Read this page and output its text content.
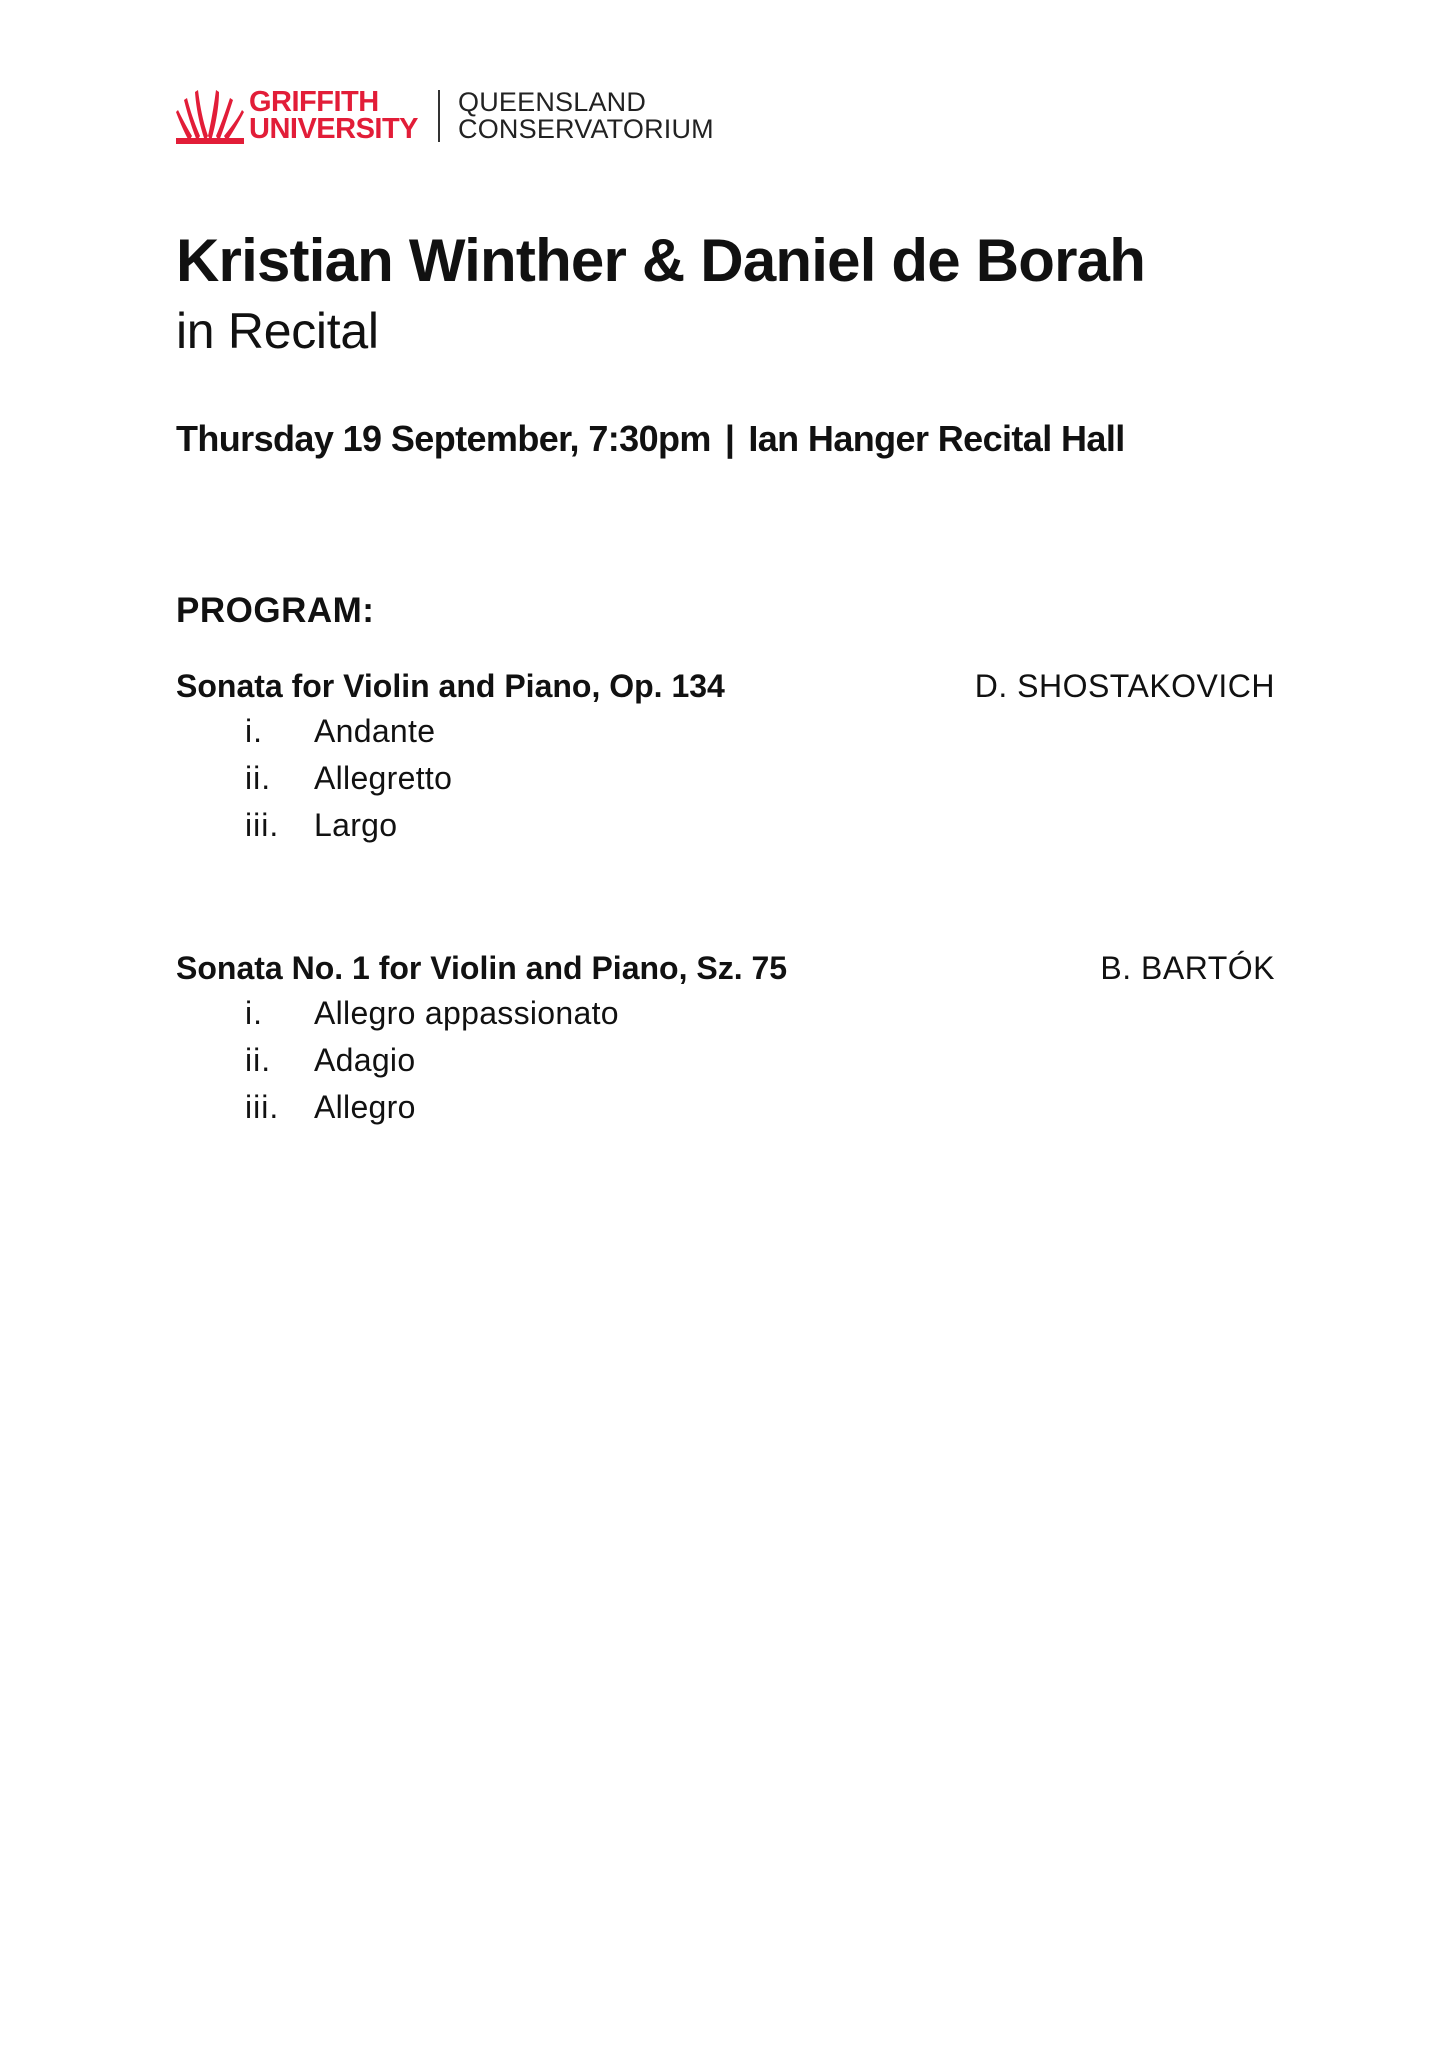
GRIFFITH
UNIVERSITY
QUEENSLAND
CONSERVATORIUM
Kristian Winther & Daniel de Borah
in Recital
Thursday 19 September, 7:30pm | Ian Hanger Recital Hall
PROGRAM:
Sonata for Violin and Piano, Op. 134	D. SHOSTAKOVICH
i.	Andante
ii.	Allegretto
iii.	Largo
Sonata No. 1 for Violin and Piano, Sz. 75	B. BARTÓK
i.	Allegro appassionato
ii.	Adagio
iii.	Allegro
